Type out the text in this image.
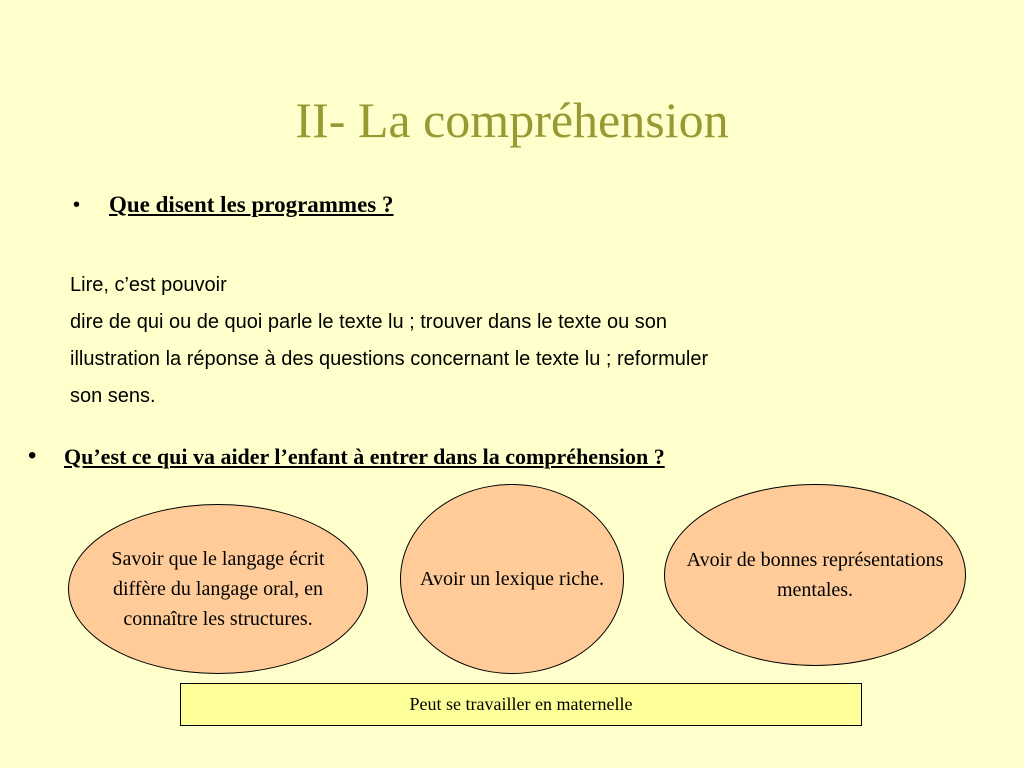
II- La compréhension
• Que disent les programmes ?
Lire, c’est pouvoir
dire de qui ou de quoi parle le texte lu ; trouver dans le texte ou son
illustration la réponse à des questions concernant le texte lu ; reformuler
son sens.
• Qu’est ce qui va aider l’enfant à entrer dans la compréhension ?
Savoir que le langage écrit diffère du langage oral, en connaître les structures.
Avoir un lexique riche.
Avoir de bonnes représentations mentales.
Peut se travailler en maternelle
